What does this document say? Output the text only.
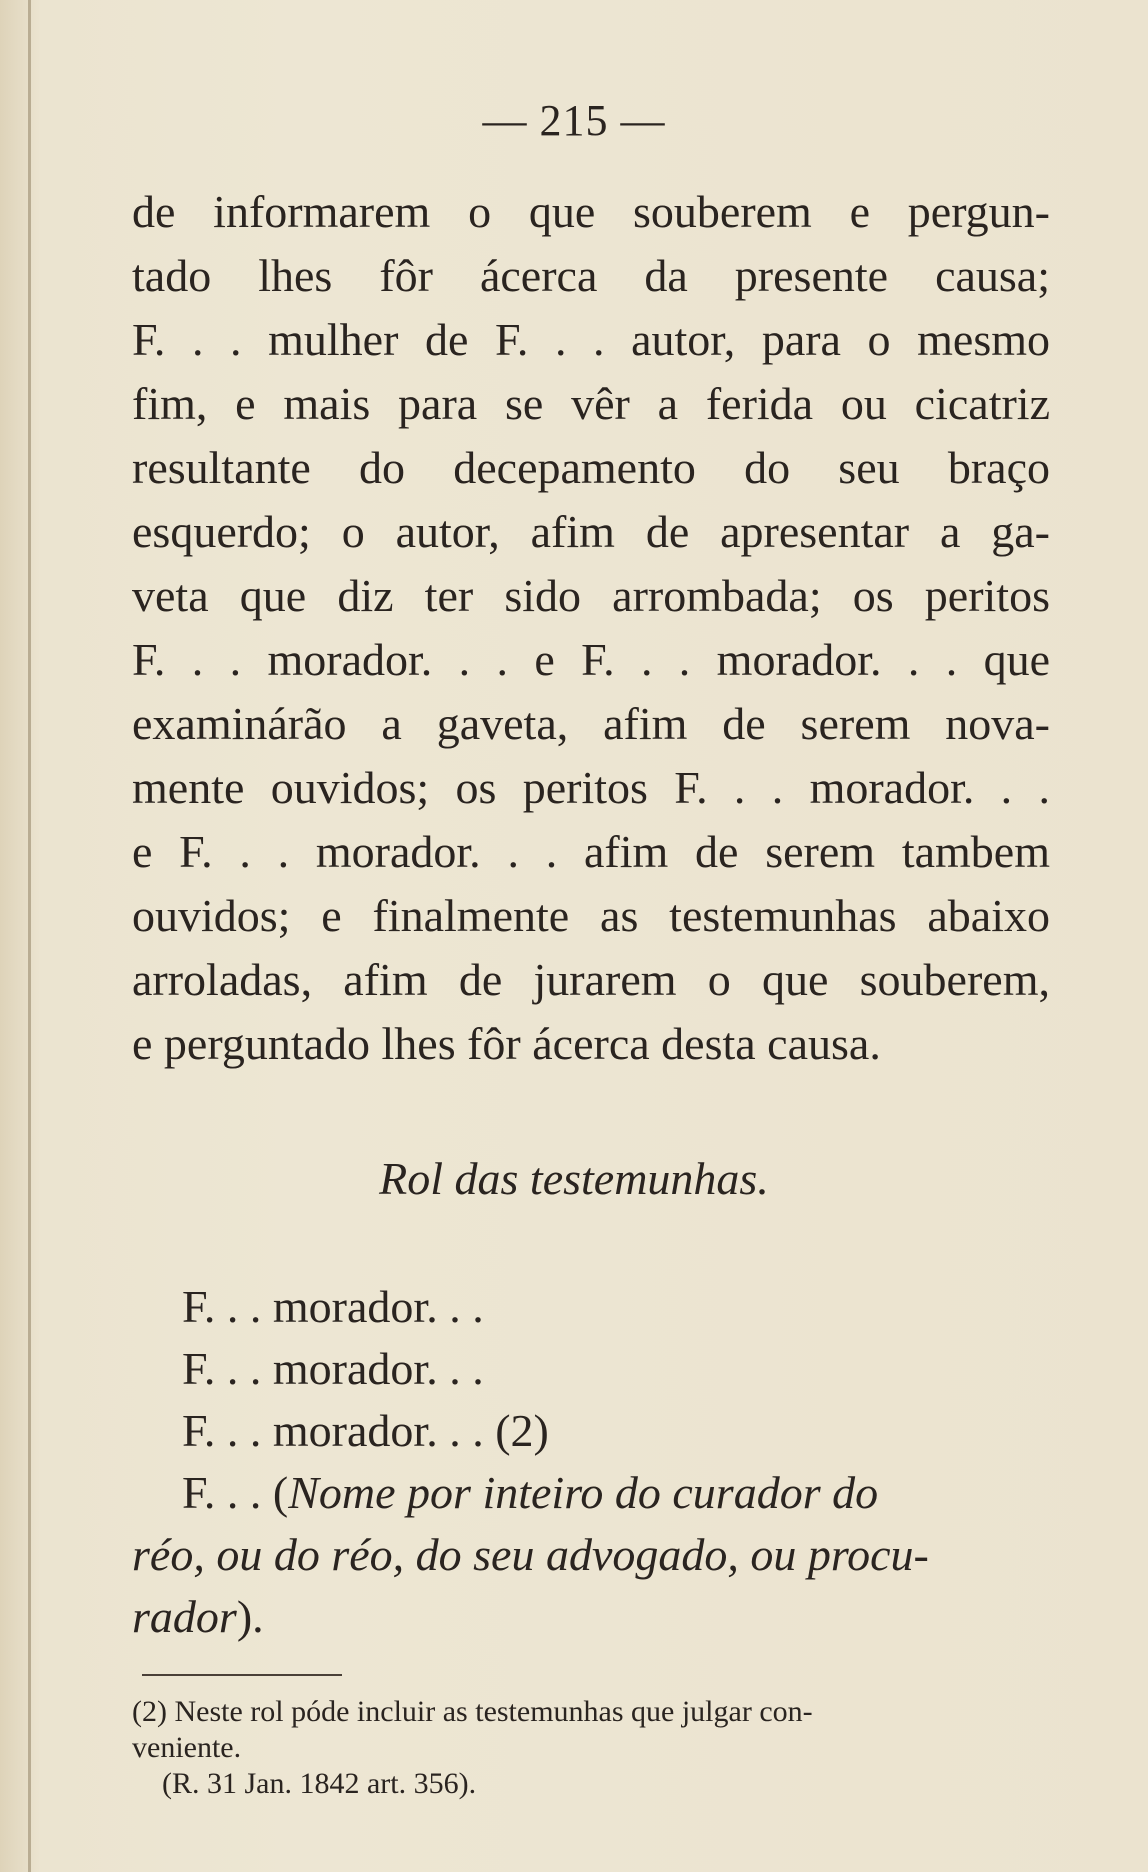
— 215 —
de informarem o que souberem e pergun-
tado lhes fôr ácerca da presente causa;
F. . . mulher de F. . . autor, para o mesmo
fim, e mais para se vêr a ferida ou cicatriz
resultante do decepamento do seu braço
esquerdo; o autor, afim de apresentar a ga-
veta que diz ter sido arrombada; os peritos
F. . . morador. . . e F. . . morador. . . que
examinárão a gaveta, afim de serem nova-
mente ouvidos; os peritos F. . . morador. . .
e F. . . morador. . . afim de serem tambem
ouvidos; e finalmente as testemunhas abaixo
arroladas, afim de jurarem o que souberem,
e perguntado lhes fôr ácerca desta causa.
Rol das testemunhas.
F. . . morador. . .
F. . . morador. . .
F. . . morador. . . (2)
F. . . (Nome por inteiro do curador do
réo, ou do réo, do seu advogado, ou procu-
rador).
(2) Neste rol póde incluir as testemunhas que julgar con-
veniente.
(R. 31 Jan. 1842 art. 356).
